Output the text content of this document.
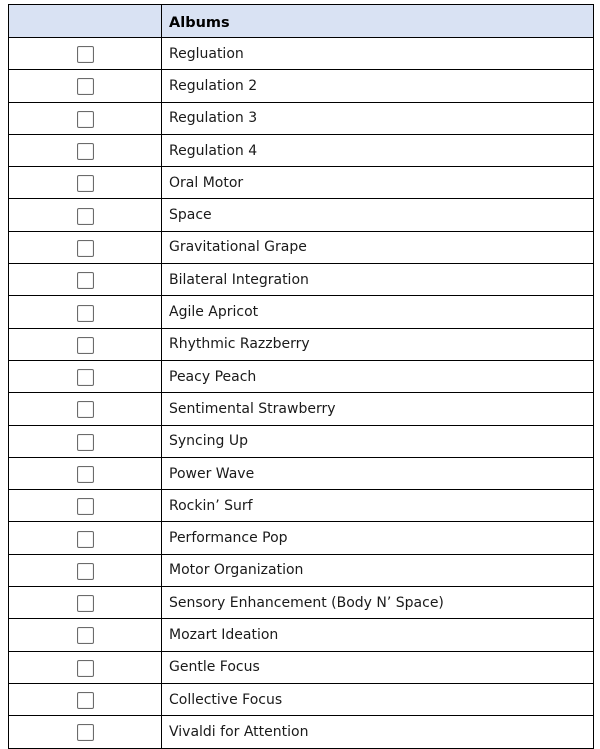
	Albums
	Regluation
	Regulation 2
	Regulation 3
	Regulation 4
	Oral Motor
	Space
	Gravitational Grape
	Bilateral Integration
	Agile Apricot
	Rhythmic Razzberry
	Peacy Peach
	Sentimental Strawberry
	Syncing Up
	Power Wave
	Rockin’ Surf
	Performance Pop
	Motor Organization
	Sensory Enhancement (Body N’ Space)
	Mozart Ideation
	Gentle Focus
	Collective Focus
	Vivaldi for Attention
